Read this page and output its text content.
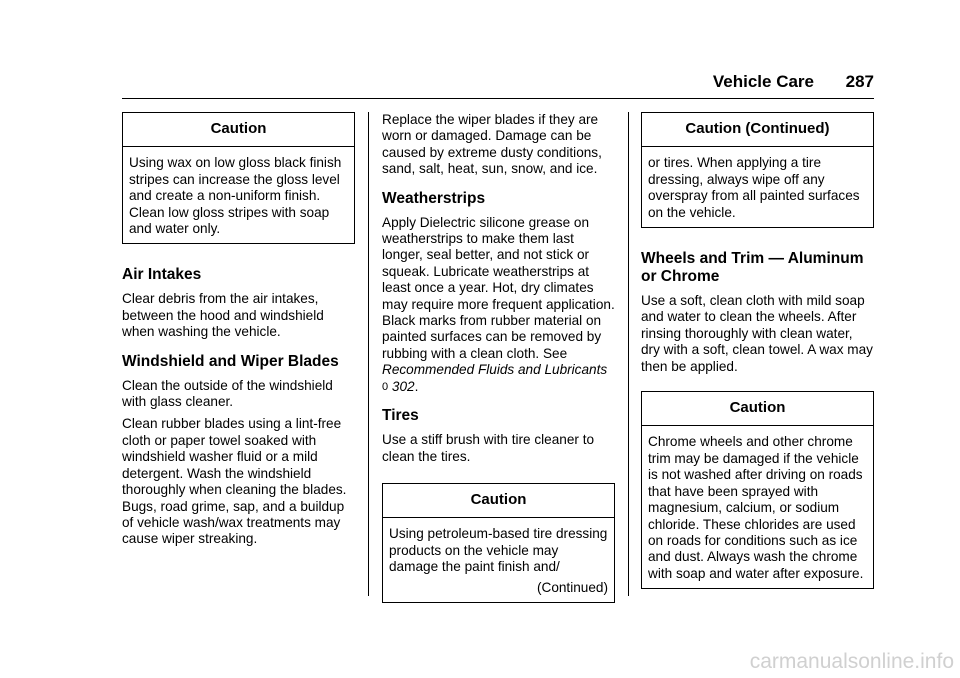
Vehicle Care 287
Caution
Using wax on low gloss black finish stripes can increase the gloss level and create a non-uniform finish. Clean low gloss stripes with soap and water only.
Air Intakes

Clear debris from the air intakes, between the hood and windshield when washing the vehicle.

Windshield and Wiper Blades

Clean the outside of the windshield with glass cleaner.

Clean rubber blades using a lint-free cloth or paper towel soaked with windshield washer fluid or a mild detergent. Wash the windshield thoroughly when cleaning the blades. Bugs, road grime, sap, and a buildup of vehicle wash/wax treatments may cause wiper streaking.

Replace the wiper blades if they are worn or damaged. Damage can be caused by extreme dusty conditions, sand, salt, heat, sun, snow, and ice.

Weatherstrips

Apply Dielectric silicone grease on weatherstrips to make them last longer, seal better, and not stick or squeak. Lubricate weatherstrips at least once a year. Hot, dry climates may require more frequent application. Black marks from rubber material on painted surfaces can be removed by rubbing with a clean cloth. See Recommended Fluids and Lubricants 0 302.

Tires

Use a stiff brush with tire cleaner to clean the tires.

Caution
Using petroleum-based tire dressing products on the vehicle may damage the paint finish and/
(Continued)
Caution (Continued)
or tires. When applying a tire dressing, always wipe off any overspray from all painted surfaces on the vehicle.
Wheels and Trim — Aluminum or Chrome

Use a soft, clean cloth with mild soap and water to clean the wheels. After rinsing thoroughly with clean water, dry with a soft, clean towel. A wax may then be applied.

Caution
Chrome wheels and other chrome trim may be damaged if the vehicle is not washed after driving on roads that have been sprayed with magnesium, calcium, or sodium chloride. These chlorides are used on roads for conditions such as ice and dust. Always wash the chrome with soap and water after exposure.
carmanualsonline.info
